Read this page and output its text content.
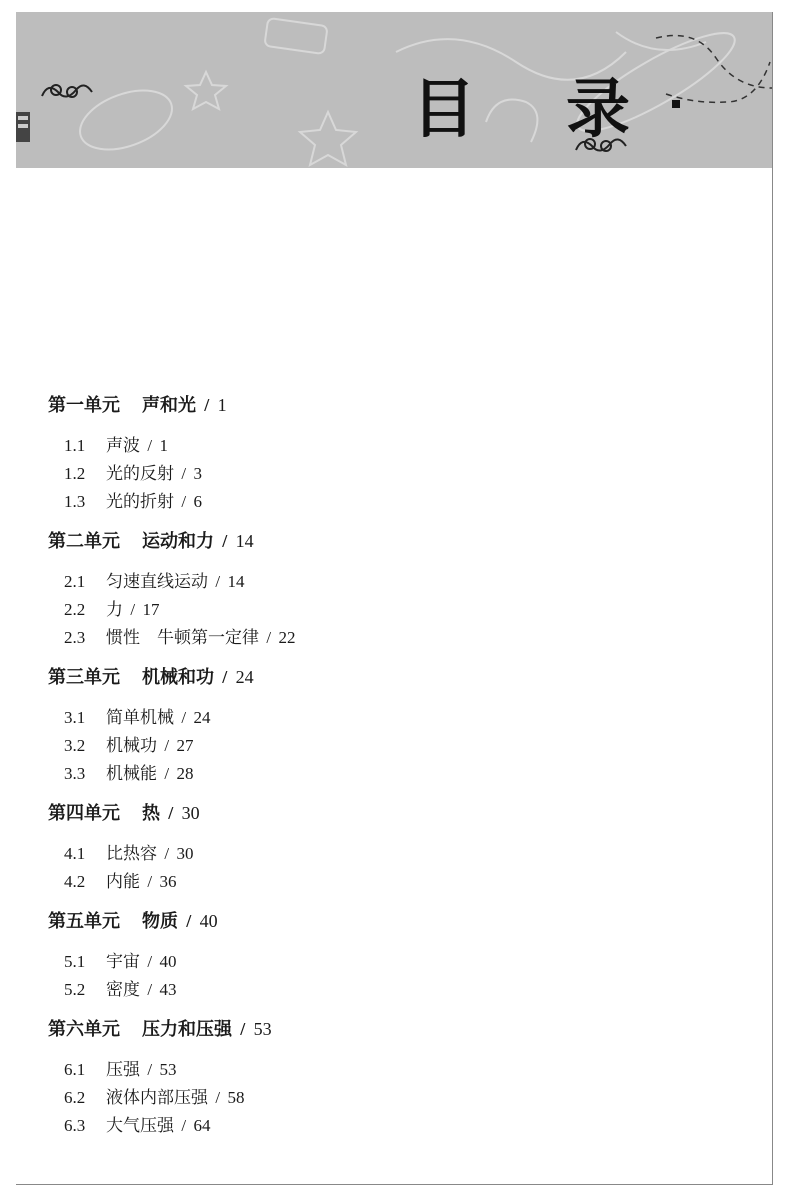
目 录
第一单元 声和光 / 1
1.1 声波 / 1
1.2 光的反射 / 3
1.3 光的折射 / 6
第二单元 运动和力 / 14
2.1 匀速直线运动 / 14
2.2 力 / 17
2.3 惯性　牛顿第一定律 / 22
第三单元 机械和功 / 24
3.1 简单机械 / 24
3.2 机械功 / 27
3.3 机械能 / 28
第四单元 热 / 30
4.1 比热容 / 30
4.2 内能 / 36
第五单元 物质 / 40
5.1 宇宙 / 40
5.2 密度 / 43
第六单元 压力和压强 / 53
6.1 压强 / 53
6.2 液体内部压强 / 58
6.3 大气压强 / 64
